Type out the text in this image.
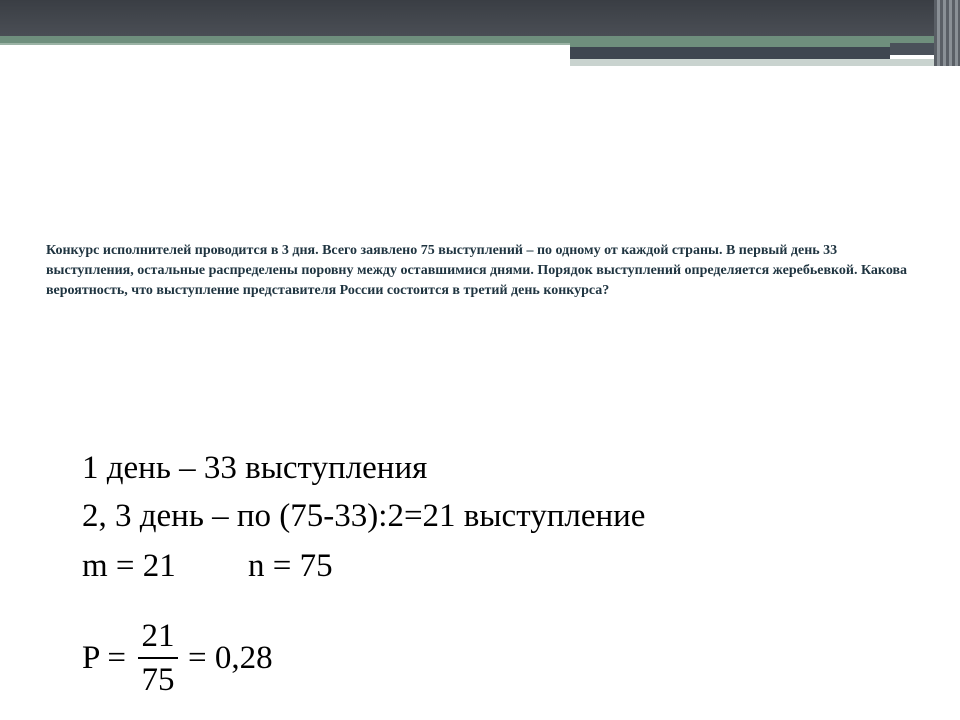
Конкурс исполнителей проводится в 3 дня. Всего заявлено 75 выступлений – по одному от каждой страны. В первый день 33 выступления, остальные распределены поровну между оставшимися днями. Порядок выступлений определяется жеребьевкой. Какова вероятность, что выступление представителя России состоится в третий день конкурса?
1 день – 33 выступления
2, 3 день – по (75-33):2=21 выступление
m = 21 n = 75
$P = \frac{21}{75} = 0,28$
